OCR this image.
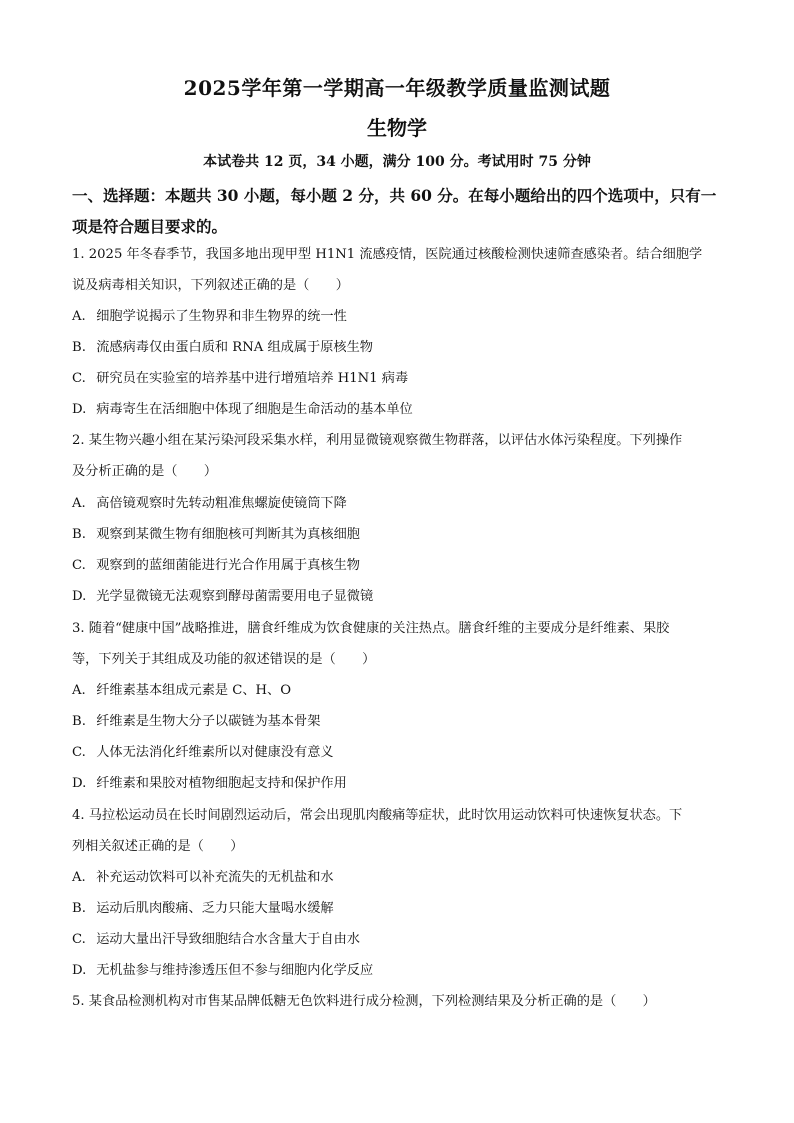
2025学年第一学期高一年级教学质量监测试题
生物学
本试卷共 12 页，34 小题，满分 100 分。考试用时 75 分钟
一、选择题：本题共 30 小题，每小题 2 分，共 60 分。在每小题给出的四个选项中，只有一
项是符合题目要求的。
1. 2025 年冬春季节，我国多地出现甲型 H1N1 流感疫情，医院通过核酸检测快速筛查感染者。结合细胞学
说及病毒相关知识，下列叙述正确的是（　　）
A. 细胞学说揭示了生物界和非生物界的统一性
B. 流感病毒仅由蛋白质和 RNA 组成属于原核生物
C. 研究员在实验室的培养基中进行增殖培养 H1N1 病毒
D. 病毒寄生在活细胞中体现了细胞是生命活动的基本单位
2. 某生物兴趣小组在某污染河段采集水样，利用显微镜观察微生物群落，以评估水体污染程度。下列操作
及分析正确的是（　　）
A. 高倍镜观察时先转动粗准焦螺旋使镜筒下降
B. 观察到某微生物有细胞核可判断其为真核细胞
C. 观察到的蓝细菌能进行光合作用属于真核生物
D. 光学显微镜无法观察到酵母菌需要用电子显微镜
3. 随着“健康中国”战略推进，膳食纤维成为饮食健康的关注热点。膳食纤维的主要成分是纤维素、果胶
等，下列关于其组成及功能的叙述错误的是（　　）
A. 纤维素基本组成元素是 C、H、O
B. 纤维素是生物大分子以碳链为基本骨架
C. 人体无法消化纤维素所以对健康没有意义
D. 纤维素和果胶对植物细胞起支持和保护作用
4. 马拉松运动员在长时间剧烈运动后，常会出现肌肉酸痛等症状，此时饮用运动饮料可快速恢复状态。下
列相关叙述正确的是（　　）
A. 补充运动饮料可以补充流失的无机盐和水
B. 运动后肌肉酸痛、乏力只能大量喝水缓解
C. 运动大量出汗导致细胞结合水含量大于自由水
D. 无机盐参与维持渗透压但不参与细胞内化学反应
5. 某食品检测机构对市售某品牌低糖无色饮料进行成分检测，下列检测结果及分析正确的是（　　）
